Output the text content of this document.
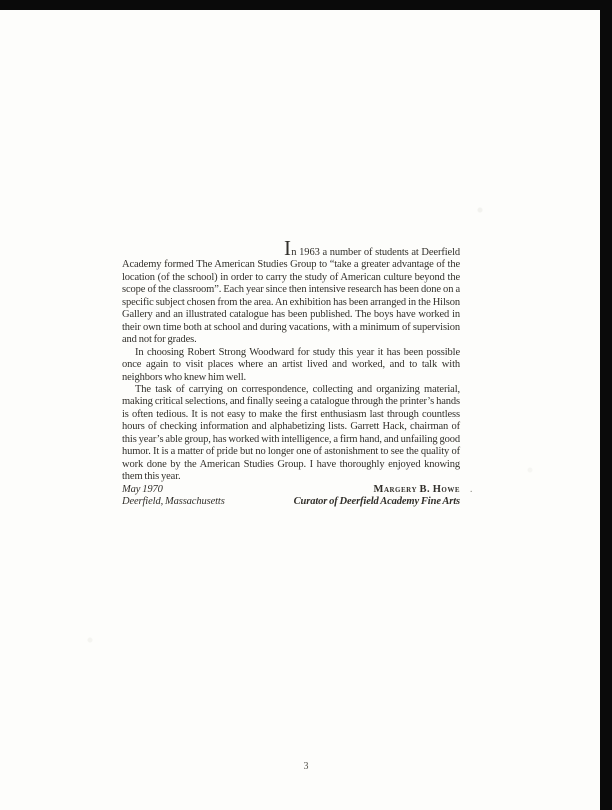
In 1963 a number of students at Deerfield Academy formed The American Studies Group to “take a greater advantage of the location (of the school) in order to carry the study of American culture beyond the scope of the classroom”. Each year since then intensive research has been done on a specific subject chosen from the area. An exhibition has been arranged in the Hilson Gallery and an illustrated catalogue has been published. The boys have worked in their own time both at school and during vacations, with a minimum of supervision and not for grades.

In choosing Robert Strong Woodward for study this year it has been possible once again to visit places where an artist lived and worked, and to talk with neighbors who knew him well.

The task of carrying on correspondence, collecting and organizing material, making critical selections, and finally seeing a catalogue through the printer’s hands is often tedious. It is not easy to make the first enthusiasm last through countless hours of checking information and alphabetizing lists. Garrett Hack, chairman of this year’s able group, has worked with intelligence, a firm hand, and unfailing good humor. It is a matter of pride but no longer one of astonishment to see the quality of work done by the American Studies Group. I have thoroughly enjoyed knowing them this year.

May 1970	Margery B. Howe .
Deerfield, Massachusetts	Curator of Deerfield Academy Fine Arts
3
